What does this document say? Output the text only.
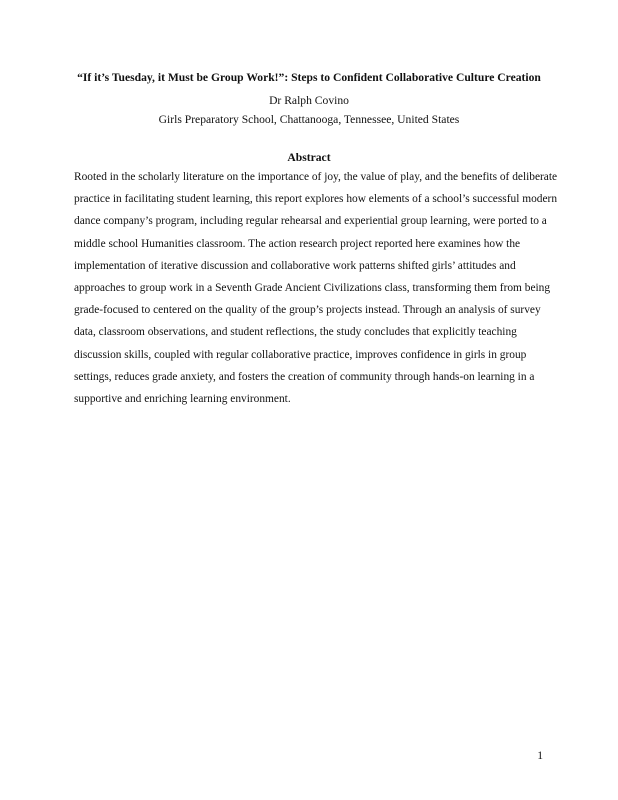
“If it’s Tuesday, it Must be Group Work!”: Steps to Confident Collaborative Culture Creation
Dr Ralph Covino
Girls Preparatory School, Chattanooga, Tennessee, United States
Abstract
Rooted in the scholarly literature on the importance of joy, the value of play, and the benefits of deliberate
practice in facilitating student learning, this report explores how elements of a school’s successful modern
dance company’s program, including regular rehearsal and experiential group learning, were ported to a
middle school Humanities classroom. The action research project reported here examines how the
implementation of iterative discussion and collaborative work patterns shifted girls’ attitudes and
approaches to group work in a Seventh Grade Ancient Civilizations class, transforming them from being
grade-focused to centered on the quality of the group’s projects instead. Through an analysis of survey
data, classroom observations, and student reflections, the study concludes that explicitly teaching
discussion skills, coupled with regular collaborative practice, improves confidence in girls in group
settings, reduces grade anxiety, and fosters the creation of community through hands-on learning in a
supportive and enriching learning environment.
1
